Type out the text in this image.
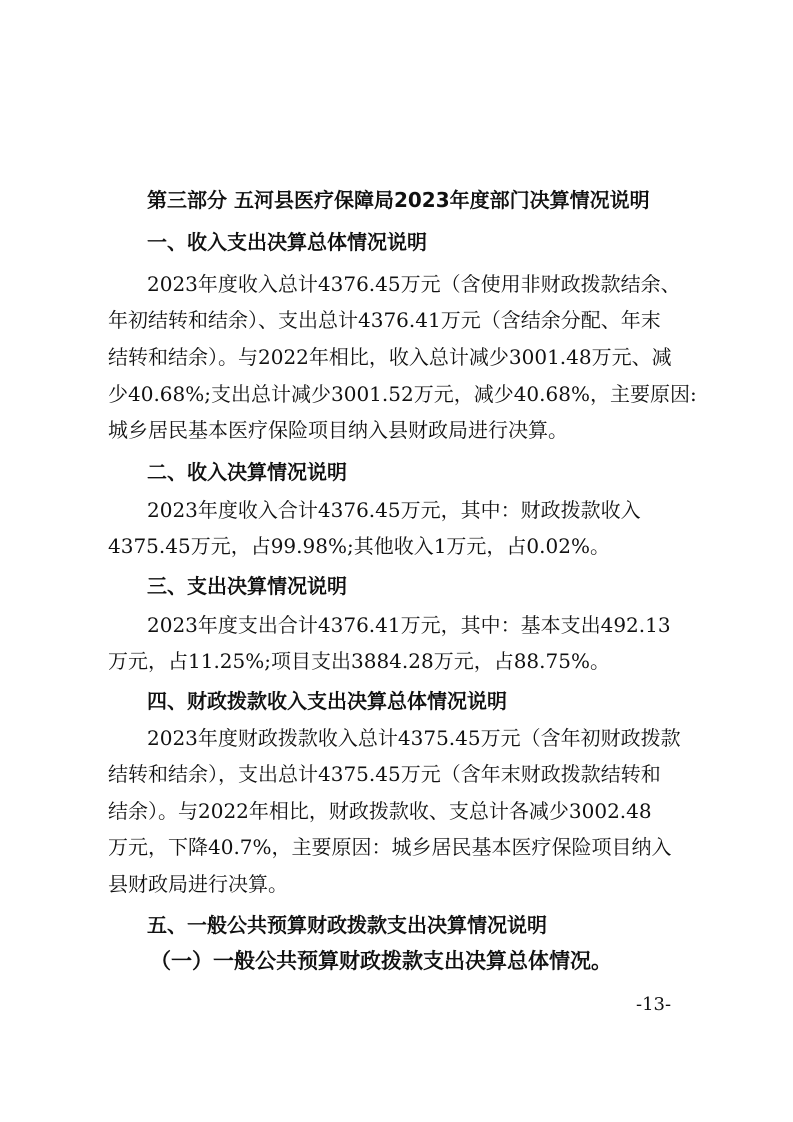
第三部分 五河县医疗保障局2023年度部门决算情况说明
一、收入支出决算总体情况说明
2023年度收入总计4376.45万元（含使用非财政拨款结余、
年初结转和结余）、支出总计4376.41万元（含结余分配、年末
结转和结余）。与2022年相比，收入总计减少3001.48万元、减
少40.68%;支出总计减少3001.52万元，减少40.68%，主要原因:
城乡居民基本医疗保险项目纳入县财政局进行决算。
二、收入决算情况说明
2023年度收入合计4376.45万元，其中：财政拨款收入
4375.45万元，占99.98%;其他收入1万元，占0.02%。
三、支出决算情况说明
2023年度支出合计4376.41万元，其中：基本支出492.13
万元，占11.25%;项目支出3884.28万元，占88.75%。
四、财政拨款收入支出决算总体情况说明
2023年度财政拨款收入总计4375.45万元（含年初财政拨款
结转和结余），支出总计4375.45万元（含年末财政拨款结转和
结余）。与2022年相比，财政拨款收、支总计各减少3002.48
万元，下降40.7%，主要原因：城乡居民基本医疗保险项目纳入
县财政局进行决算。
五、一般公共预算财政拨款支出决算情况说明
（一）一般公共预算财政拨款支出决算总体情况。
-13-
